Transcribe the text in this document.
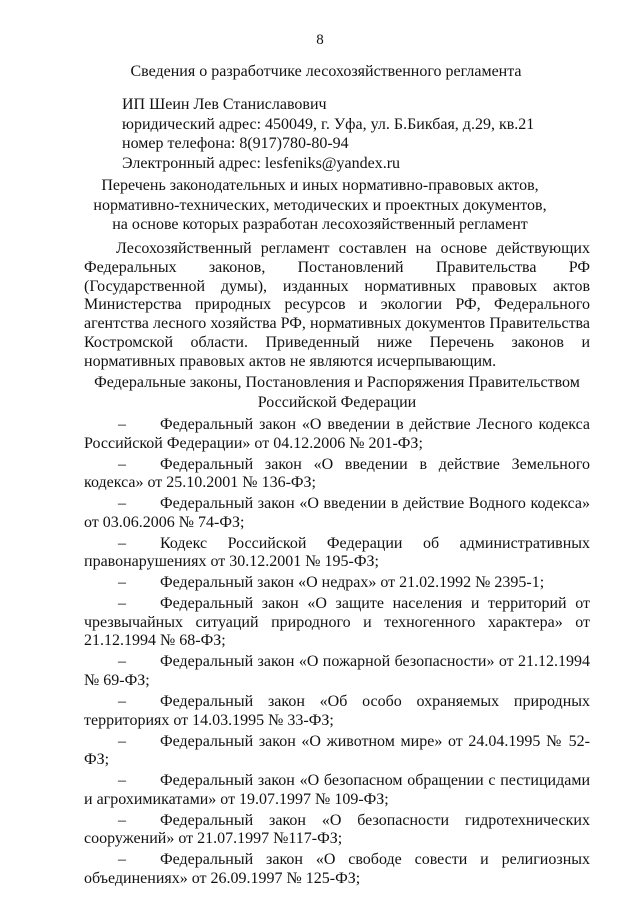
8
Сведения о разработчике лесохозяйственного регламента
ИП Шеин Лев Станиславович
юридический адрес: 450049, г. Уфа, ул. Б.Бикбая, д.29, кв.21
номер телефона: 8(917)780-80-94
Электронный адрес: lesfeniks@yandex.ru
Перечень законодательных и иных нормативно-правовых актов, нормативно-технических, методических и проектных документов, на основе которых разработан лесохозяйственный регламент
Лесохозяйственный регламент составлен на основе действующих Федеральных законов, Постановлений Правительства РФ (Государственной думы), изданных нормативных правовых актов Министерства природных ресурсов и экологии РФ, Федерального агентства лесного хозяйства РФ, нормативных документов Правительства Костромской области. Приведенный ниже Перечень законов и нормативных правовых актов не являются исчерпывающим.
Федеральные законы, Постановления и Распоряжения Правительством Российской Федерации
– Федеральный закон «О введении в действие Лесного кодекса Российской Федерации» от 04.12.2006 № 201-ФЗ;
– Федеральный закон «О введении в действие Земельного кодекса» от 25.10.2001 № 136-ФЗ;
– Федеральный закон «О введении в действие Водного кодекса» от 03.06.2006 № 74-ФЗ;
– Кодекс Российской Федерации об административных правонарушениях от 30.12.2001 № 195-ФЗ;
– Федеральный закон «О недрах» от 21.02.1992 № 2395-1;
– Федеральный закон «О защите населения и территорий от чрезвычайных ситуаций природного и техногенного характера» от 21.12.1994 № 68-ФЗ;
– Федеральный закон «О пожарной безопасности» от 21.12.1994 № 69-ФЗ;
– Федеральный закон «Об особо охраняемых природных территориях от 14.03.1995 № 33-ФЗ;
– Федеральный закон «О животном мире» от 24.04.1995 № 52-ФЗ;
– Федеральный закон «О безопасном обращении с пестицидами и агрохимикатами» от 19.07.1997 № 109-ФЗ;
– Федеральный закон «О безопасности гидротехнических сооружений» от 21.07.1997 №117-ФЗ;
– Федеральный закон «О свободе совести и религиозных объединениях» от 26.09.1997 № 125-ФЗ;
